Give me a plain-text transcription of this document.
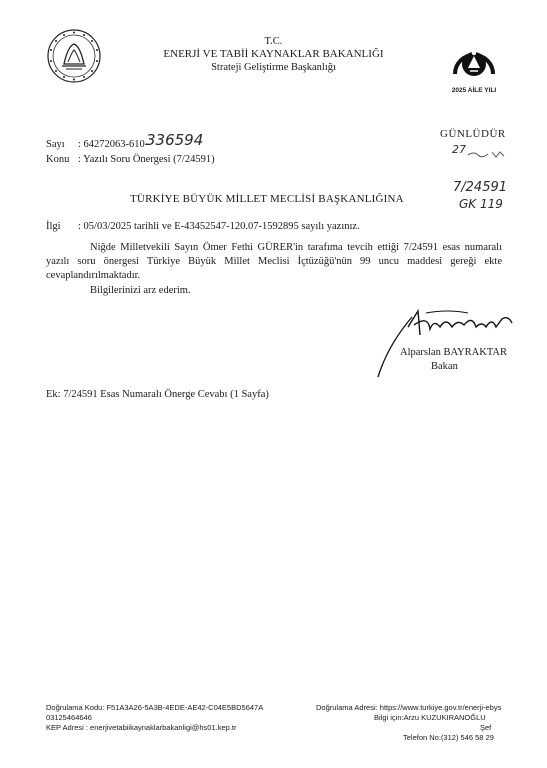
T.C.
ENERJİ VE TABİİ KAYNAKLAR BAKANLIĞI
Strateji Geliştirme Başkanlığı
2025 AİLE YILI
GÜNLÜDÜR
27
Sayı : 64272063-610-
336594
Konu : Yazılı Soru Önergesi (7/24591)
TÜRKİYE BÜYÜK MİLLET MECLİSİ BAŞKANLIĞINA
7/24591
GK 119
İlgi : 05/03/2025 tarihli ve E-43452547-120.07-1592895 sayılı yazınız.
Niğde Milletvekili Sayın Ömer Fethi GÜRER'in tarafıma tevcih ettiği 7/24591 esas numaralı yazılı soru önergesi Türkiye Büyük Millet Meclisi İçtüzüğü'nün 99 uncu maddesi gereği ekte cevaplandırılmaktadır.
Bilgilerinizi arz ederim.
Alparslan BAYRAKTAR
Bakan
Ek: 7/24591 Esas Numaralı Önerge Cevabı (1 Sayfa)
Doğrulama Kodu: F51A3A26-5A3B-4EDE-AE42-C04E5BD5647A	Doğrulama Adresi: https://www.turkiye.gov.tr/enerji-ebys
03125464646	Bilgi için:Arzu KUZUKIRANOĞLU
KEP Adresi : enerjivetabiikaynaklarbakanligi@hs01.kep.tr	Şef
Telefon No:(312) 546 58 29
